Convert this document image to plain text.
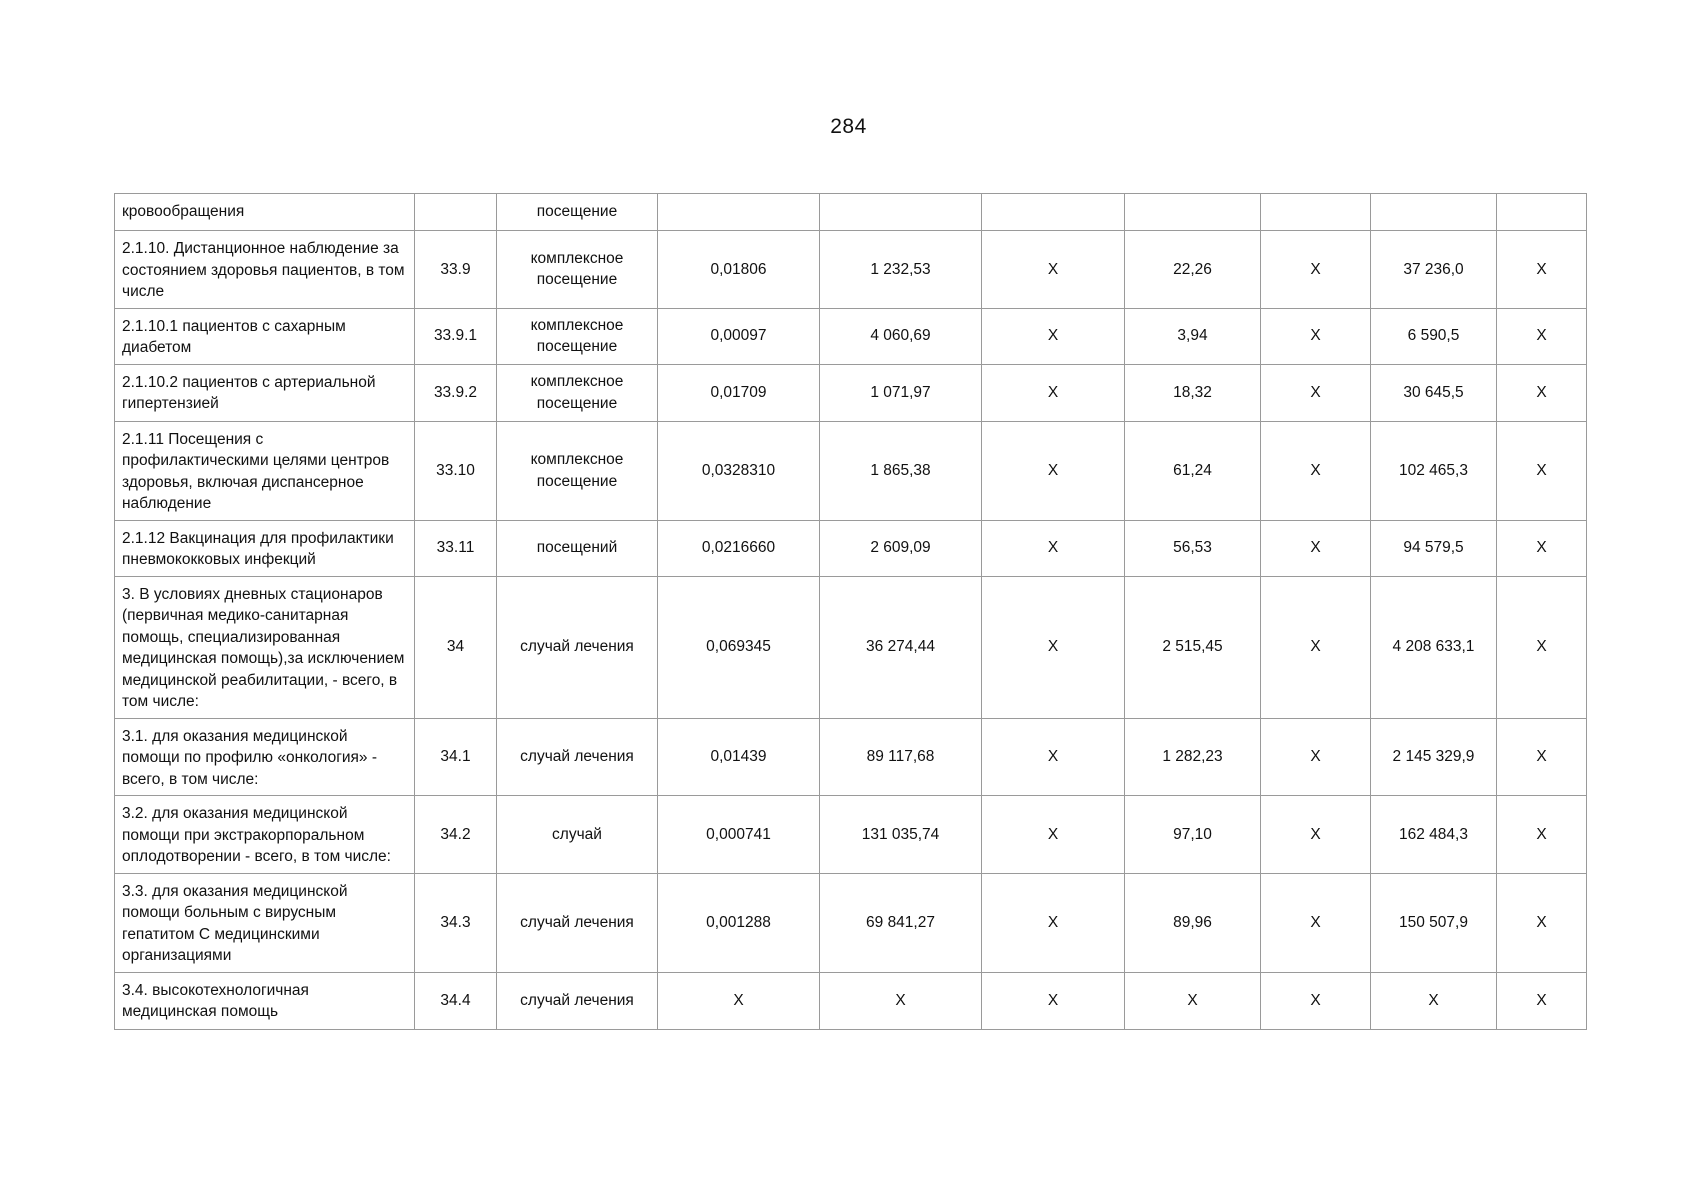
284
кровообращения		посещение							
2.1.10. Дистанционное наблюдение за состоянием здоровья пациентов, в том числе	33.9	комплексное посещение	0,01806	1 232,53	X	22,26	X	37 236,0	X
2.1.10.1 пациентов с сахарным диабетом	33.9.1	комплексное посещение	0,00097	4 060,69	X	3,94	X	6 590,5	X
2.1.10.2 пациентов с артериальной гипертензией	33.9.2	комплексное посещение	0,01709	1 071,97	X	18,32	X	30 645,5	X
2.1.11 Посещения с профилактическими целями центров здоровья, включая диспансерное наблюдение	33.10	комплексное посещение	0,0328310	1 865,38	X	61,24	X	102 465,3	X
2.1.12 Вакцинация для профилактики пневмококковых инфекций	33.11	посещений	0,0216660	2 609,09	X	56,53	X	94 579,5	X
3. В условиях дневных стационаров (первичная медико-санитарная помощь, специализированная медицинская помощь),за исключением медицинской реабилитации, - всего, в том числе:	34	случай лечения	0,069345	36 274,44	X	2 515,45	X	4 208 633,1	X
3.1. для оказания медицинской помощи по профилю «онкология» - всего, в том числе:	34.1	случай лечения	0,01439	89 117,68	X	1 282,23	X	2 145 329,9	X
3.2. для оказания медицинской помощи при экстракорпоральном оплодотворении - всего, в том числе:	34.2	случай	0,000741	131 035,74	X	97,10	X	162 484,3	X
3.3. для оказания медицинской помощи больным с вирусным гепатитом С медицинскими организациями	34.3	случай лечения	0,001288	69 841,27	X	89,96	X	150 507,9	X
3.4. высокотехнологичная медицинская помощь	34.4	случай лечения	X	X	X	X	X	X	X
